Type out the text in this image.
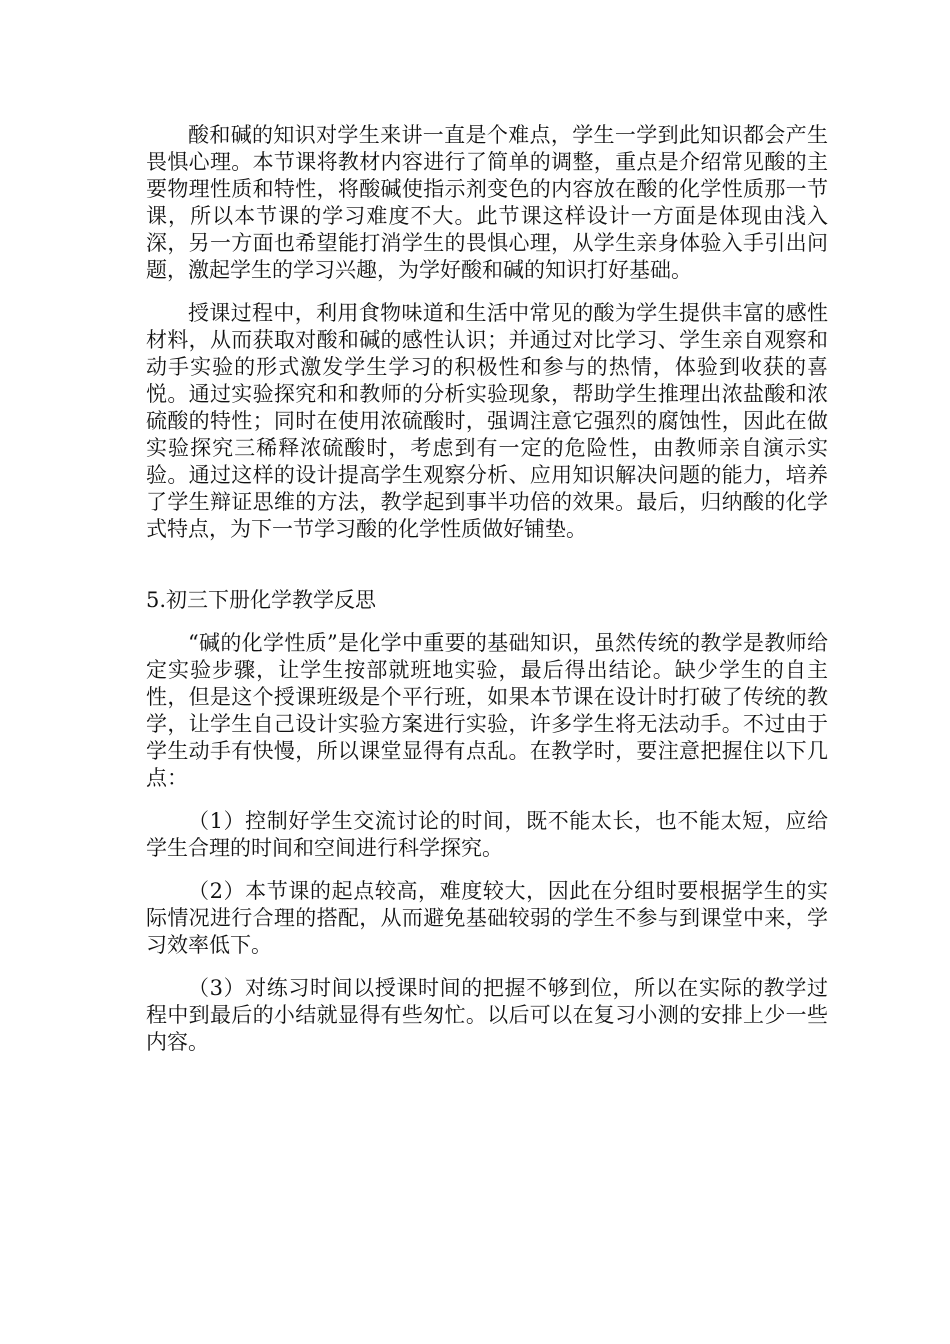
酸和碱的知识对学生来讲一直是个难点，学生一学到此知识都会产生畏惧心理。本节课将教材内容进行了简单的调整，重点是介绍常见酸的主要物理性质和特性，将酸碱使指示剂变色的内容放在酸的化学性质那一节课，所以本节课的学习难度不大。此节课这样设计一方面是体现由浅入深，另一方面也希望能打消学生的畏惧心理，从学生亲身体验入手引出问题，激起学生的学习兴趣，为学好酸和碱的知识打好基础。

授课过程中，利用食物味道和生活中常见的酸为学生提供丰富的感性材料，从而获取对酸和碱的感性认识；并通过对比学习、学生亲自观察和动手实验的形式激发学生学习的积极性和参与的热情，体验到收获的喜悦。通过实验探究和和教师的分析实验现象，帮助学生推理出浓盐酸和浓硫酸的特性；同时在使用浓硫酸时，强调注意它强烈的腐蚀性，因此在做实验探究三稀释浓硫酸时，考虑到有一定的危险性，由教师亲自演示实验。通过这样的设计提高学生观察分析、应用知识解决问题的能力，培养了学生辩证思维的方法，教学起到事半功倍的效果。最后，归纳酸的化学式特点，为下一节学习酸的化学性质做好铺垫。

5.初三下册化学教学反思

“碱的化学性质”是化学中重要的基础知识，虽然传统的教学是教师给定实验步骤，让学生按部就班地实验，最后得出结论。缺少学生的自主性，但是这个授课班级是个平行班，如果本节课在设计时打破了传统的教学，让学生自己设计实验方案进行实验，许多学生将无法动手。不过由于学生动手有快慢，所以课堂显得有点乱。在教学时，要注意把握住以下几点：

（1）控制好学生交流讨论的时间，既不能太长，也不能太短，应给学生合理的时间和空间进行科学探究。

（2）本节课的起点较高，难度较大，因此在分组时要根据学生的实际情况进行合理的搭配，从而避免基础较弱的学生不参与到课堂中来，学习效率低下。

（3）对练习时间以授课时间的把握不够到位，所以在实际的教学过程中到最后的小结就显得有些匆忙。以后可以在复习小测的安排上少一些内容。
